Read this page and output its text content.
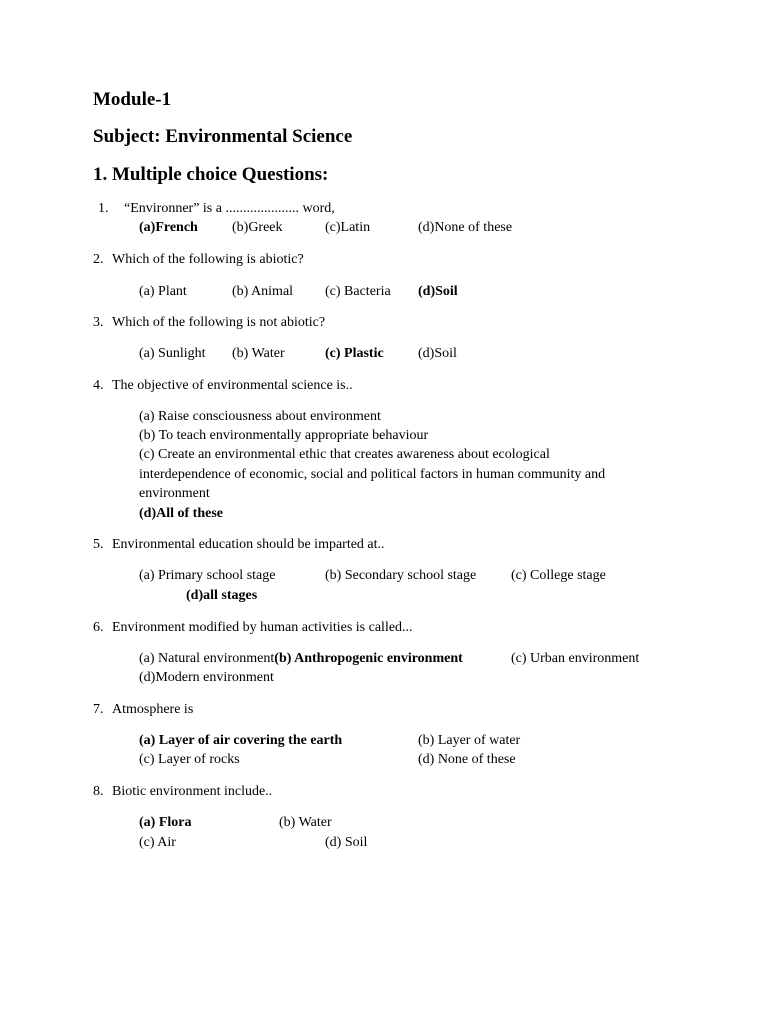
Module-1
Subject: Environmental Science
1. Multiple choice Questions:
1. “Environner” is a ..................... word,
(a)French (b)Greek	(c)Latin	(d)None of these
2. Which of the following is abiotic?
(a) Plant	(b) Animal (c) Bacteria (d)Soil
3. Which of the following is not abiotic?
(a) Sunlight (b) Water	(c) Plastic (d)Soil
4. The objective of environmental science is..
(a) Raise consciousness about environment
(b) To teach environmentally appropriate behaviour
(c) Create an environmental ethic that creates awareness about ecological
interdependence of economic, social and political factors in human community and
environment
(d)All of these
5. Environmental education should be imparted at..
(a) Primary school stage	(b) Secondary school stage (c) College stage
(d)all stages
6. Environment modified by human activities is called...
(a) Natural environment(b) Anthropogenic environment	(c) Urban environment
(d)Modern environment
7. Atmosphere is
(a) Layer of air covering the earth	(b) Layer of water
(c) Layer of rocks	(d) None of these
8. Biotic environment include..
(a) Flora	(b) Water
(c) Air	(d) Soil
